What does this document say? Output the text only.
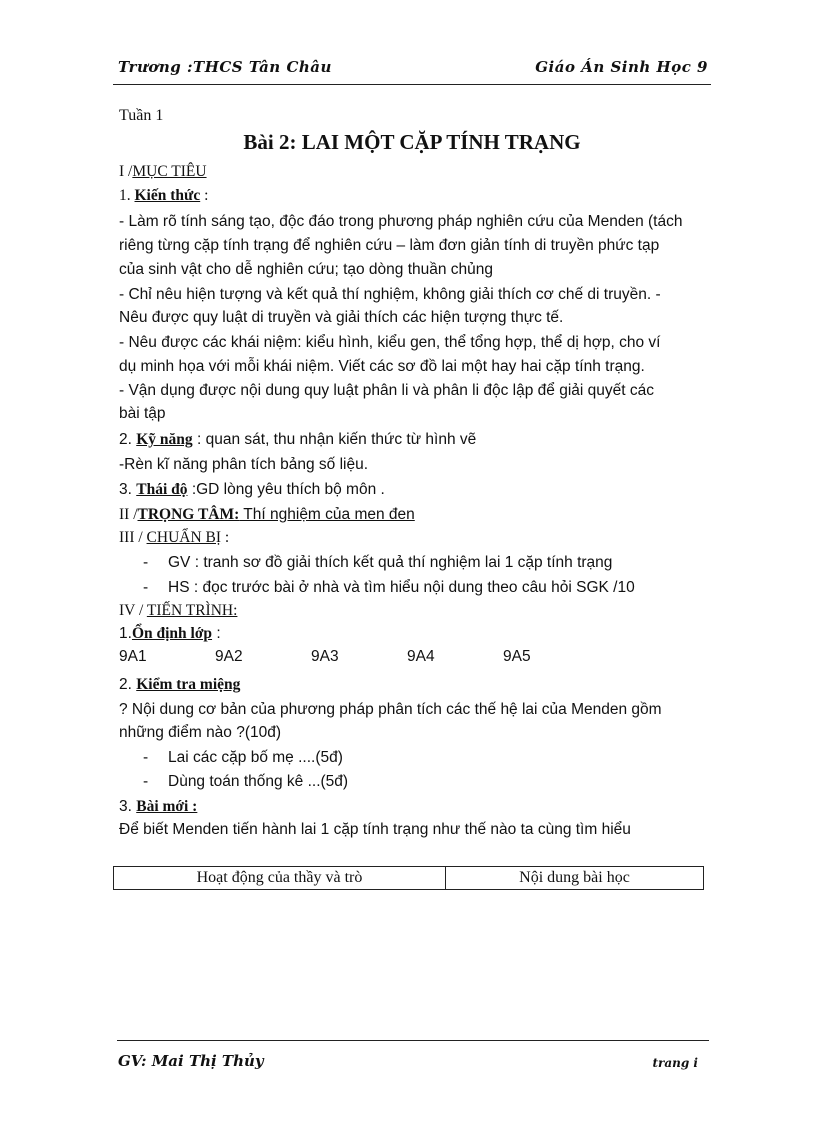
Trương :THCS Tân Châu	Giáo Án Sinh Học 9
Tuần 1
Bài 2: LAI MỘT CẶP TÍNH TRẠNG
I /MỤC TIÊU
1. Kiến thức :
- Làm rõ tính sáng tạo, độc đáo trong phương pháp nghiên cứu của Menden (tách
riêng từng cặp tính trạng để nghiên cứu – làm đơn giản tính di truyền phức tạp
của sinh vật cho dễ nghiên cứu; tạo dòng thuần chủng
- Chỉ nêu hiện tượng và kết quả thí nghiệm, không giải thích cơ chế di truyền. -
Nêu được quy luật di truyền và giải thích các hiện tượng thực tế.
- Nêu được các khái niệm: kiểu hình, kiểu gen, thể tổng hợp, thể dị hợp, cho ví
dụ minh họa với mỗi khái niệm. Viết các sơ đồ lai một hay hai cặp tính trạng.
- Vận dụng được nội dung quy luật phân li và phân li độc lập để giải quyết các
bài tập
2. Kỹ năng : quan sát, thu nhận kiến thức từ hình vẽ
-Rèn kĩ năng phân tích bảng số liệu.
3. Thái độ :GD lòng yêu thích bộ môn .
II /TRỌNG TÂM: Thí nghiệm của men đen
III / CHUẨN BỊ :
- GV : tranh sơ đồ giải thích kết quả thí nghiệm lai 1 cặp tính trạng
- HS : đọc trước bài ở nhà và tìm hiểu nội dung theo câu hỏi SGK /10
IV / TIẾN TRÌNH:
1.Ổn định lớp :
9A1	9A2	9A3	9A4	9A5
2. Kiểm tra miệng
? Nội dung cơ bản của phương pháp phân tích các thế hệ lai của Menden gồm
những điểm nào ?(10đ)
- Lai các cặp bố mẹ ....(5đ)
- Dùng toán thống kê ...(5đ)
3. Bài mới :
Để biết Menden tiến hành lai 1 cặp tính trạng như thế nào ta cùng tìm hiểu
Hoạt động của thầy và trò	Nội dung bài học
GV: Mai Thị Thủy	trang i
